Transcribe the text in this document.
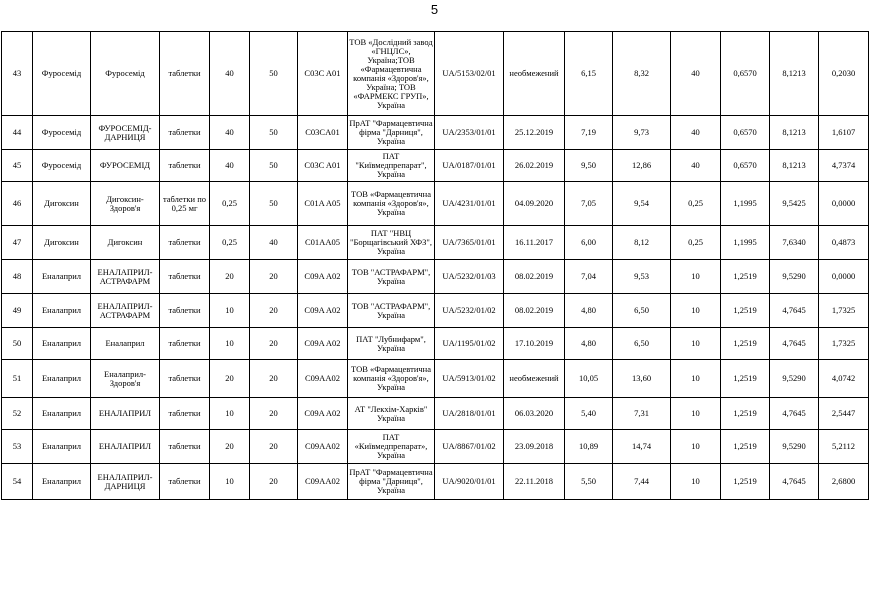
5
43	Фуросемід	Фуросемід	таблетки	40	50	C03C A01	ТОВ «Дослідний завод «ГНЦЛС», Україна;ТОВ «Фармацевтична компанія «Здоров'я», Україна; ТОВ «ФАРМЕКС ГРУП», Україна	UA/5153/02/01	необмежений	6,15	8,32	40	0,6570	8,1213	0,2030
44	Фуросемід	ФУРОСЕМІД-ДАРНИЦЯ	таблетки	40	50	C03CA01	ПрАТ "Фармацевтична фірма "Дарниця", Україна	UA/2353/01/01	25.12.2019	7,19	9,73	40	0,6570	8,1213	1,6107
45	Фуросемід	ФУРОСЕМІД	таблетки	40	50	C03C A01	ПАТ "Київмедпрепарат", Україна	UA/0187/01/01	26.02.2019	9,50	12,86	40	0,6570	8,1213	4,7374
46	Дигоксин	Дигоксин-Здоров'я	таблетки по 0,25 мг	0,25	50	C01A A05	ТОВ «Фармацевтична компанія «Здоров'я», Україна	UA/4231/01/01	04.09.2020	7,05	9,54	0,25	1,1995	9,5425	0,0000
47	Дигоксин	Дигоксин	таблетки	0,25	40	C01AA05	ПАТ "НВЦ "Борщагівський ХФЗ", Україна	UA/7365/01/01	16.11.2017	6,00	8,12	0,25	1,1995	7,6340	0,4873
48	Еналаприл	ЕНАЛАПРИЛ-АСТРАФАРМ	таблетки	20	20	C09A A02	ТОВ "АСТРАФАРМ", Україна	UA/5232/01/03	08.02.2019	7,04	9,53	10	1,2519	9,5290	0,0000
49	Еналаприл	ЕНАЛАПРИЛ-АСТРАФАРМ	таблетки	10	20	C09A A02	ТОВ "АСТРАФАРМ", Україна	UA/5232/01/02	08.02.2019	4,80	6,50	10	1,2519	4,7645	1,7325
50	Еналаприл	Еналаприл	таблетки	10	20	C09A A02	ПАТ "Лубнифарм", Україна	UA/1195/01/02	17.10.2019	4,80	6,50	10	1,2519	4,7645	1,7325
51	Еналаприл	Еналаприл-Здоров'я	таблетки	20	20	C09AA02	ТОВ «Фармацевтична компанія «Здоров'я», Україна	UA/5913/01/02	необмежений	10,05	13,60	10	1,2519	9,5290	4,0742
52	Еналаприл	ЕНАЛАПРИЛ	таблетки	10	20	C09A A02	АТ "Лекхім-Харків" Україна	UA/2818/01/01	06.03.2020	5,40	7,31	10	1,2519	4,7645	2,5447
53	Еналаприл	ЕНАЛАПРИЛ	таблетки	20	20	C09AA02	ПАТ «Київмедпрепарат», Україна	UA/8867/01/02	23.09.2018	10,89	14,74	10	1,2519	9,5290	5,2112
54	Еналаприл	ЕНАЛАПРИЛ-ДАРНИЦЯ	таблетки	10	20	C09AA02	ПрАТ "Фармацевтична фірма "Дарниця", Україна	UA/9020/01/01	22.11.2018	5,50	7,44	10	1,2519	4,7645	2,6800
